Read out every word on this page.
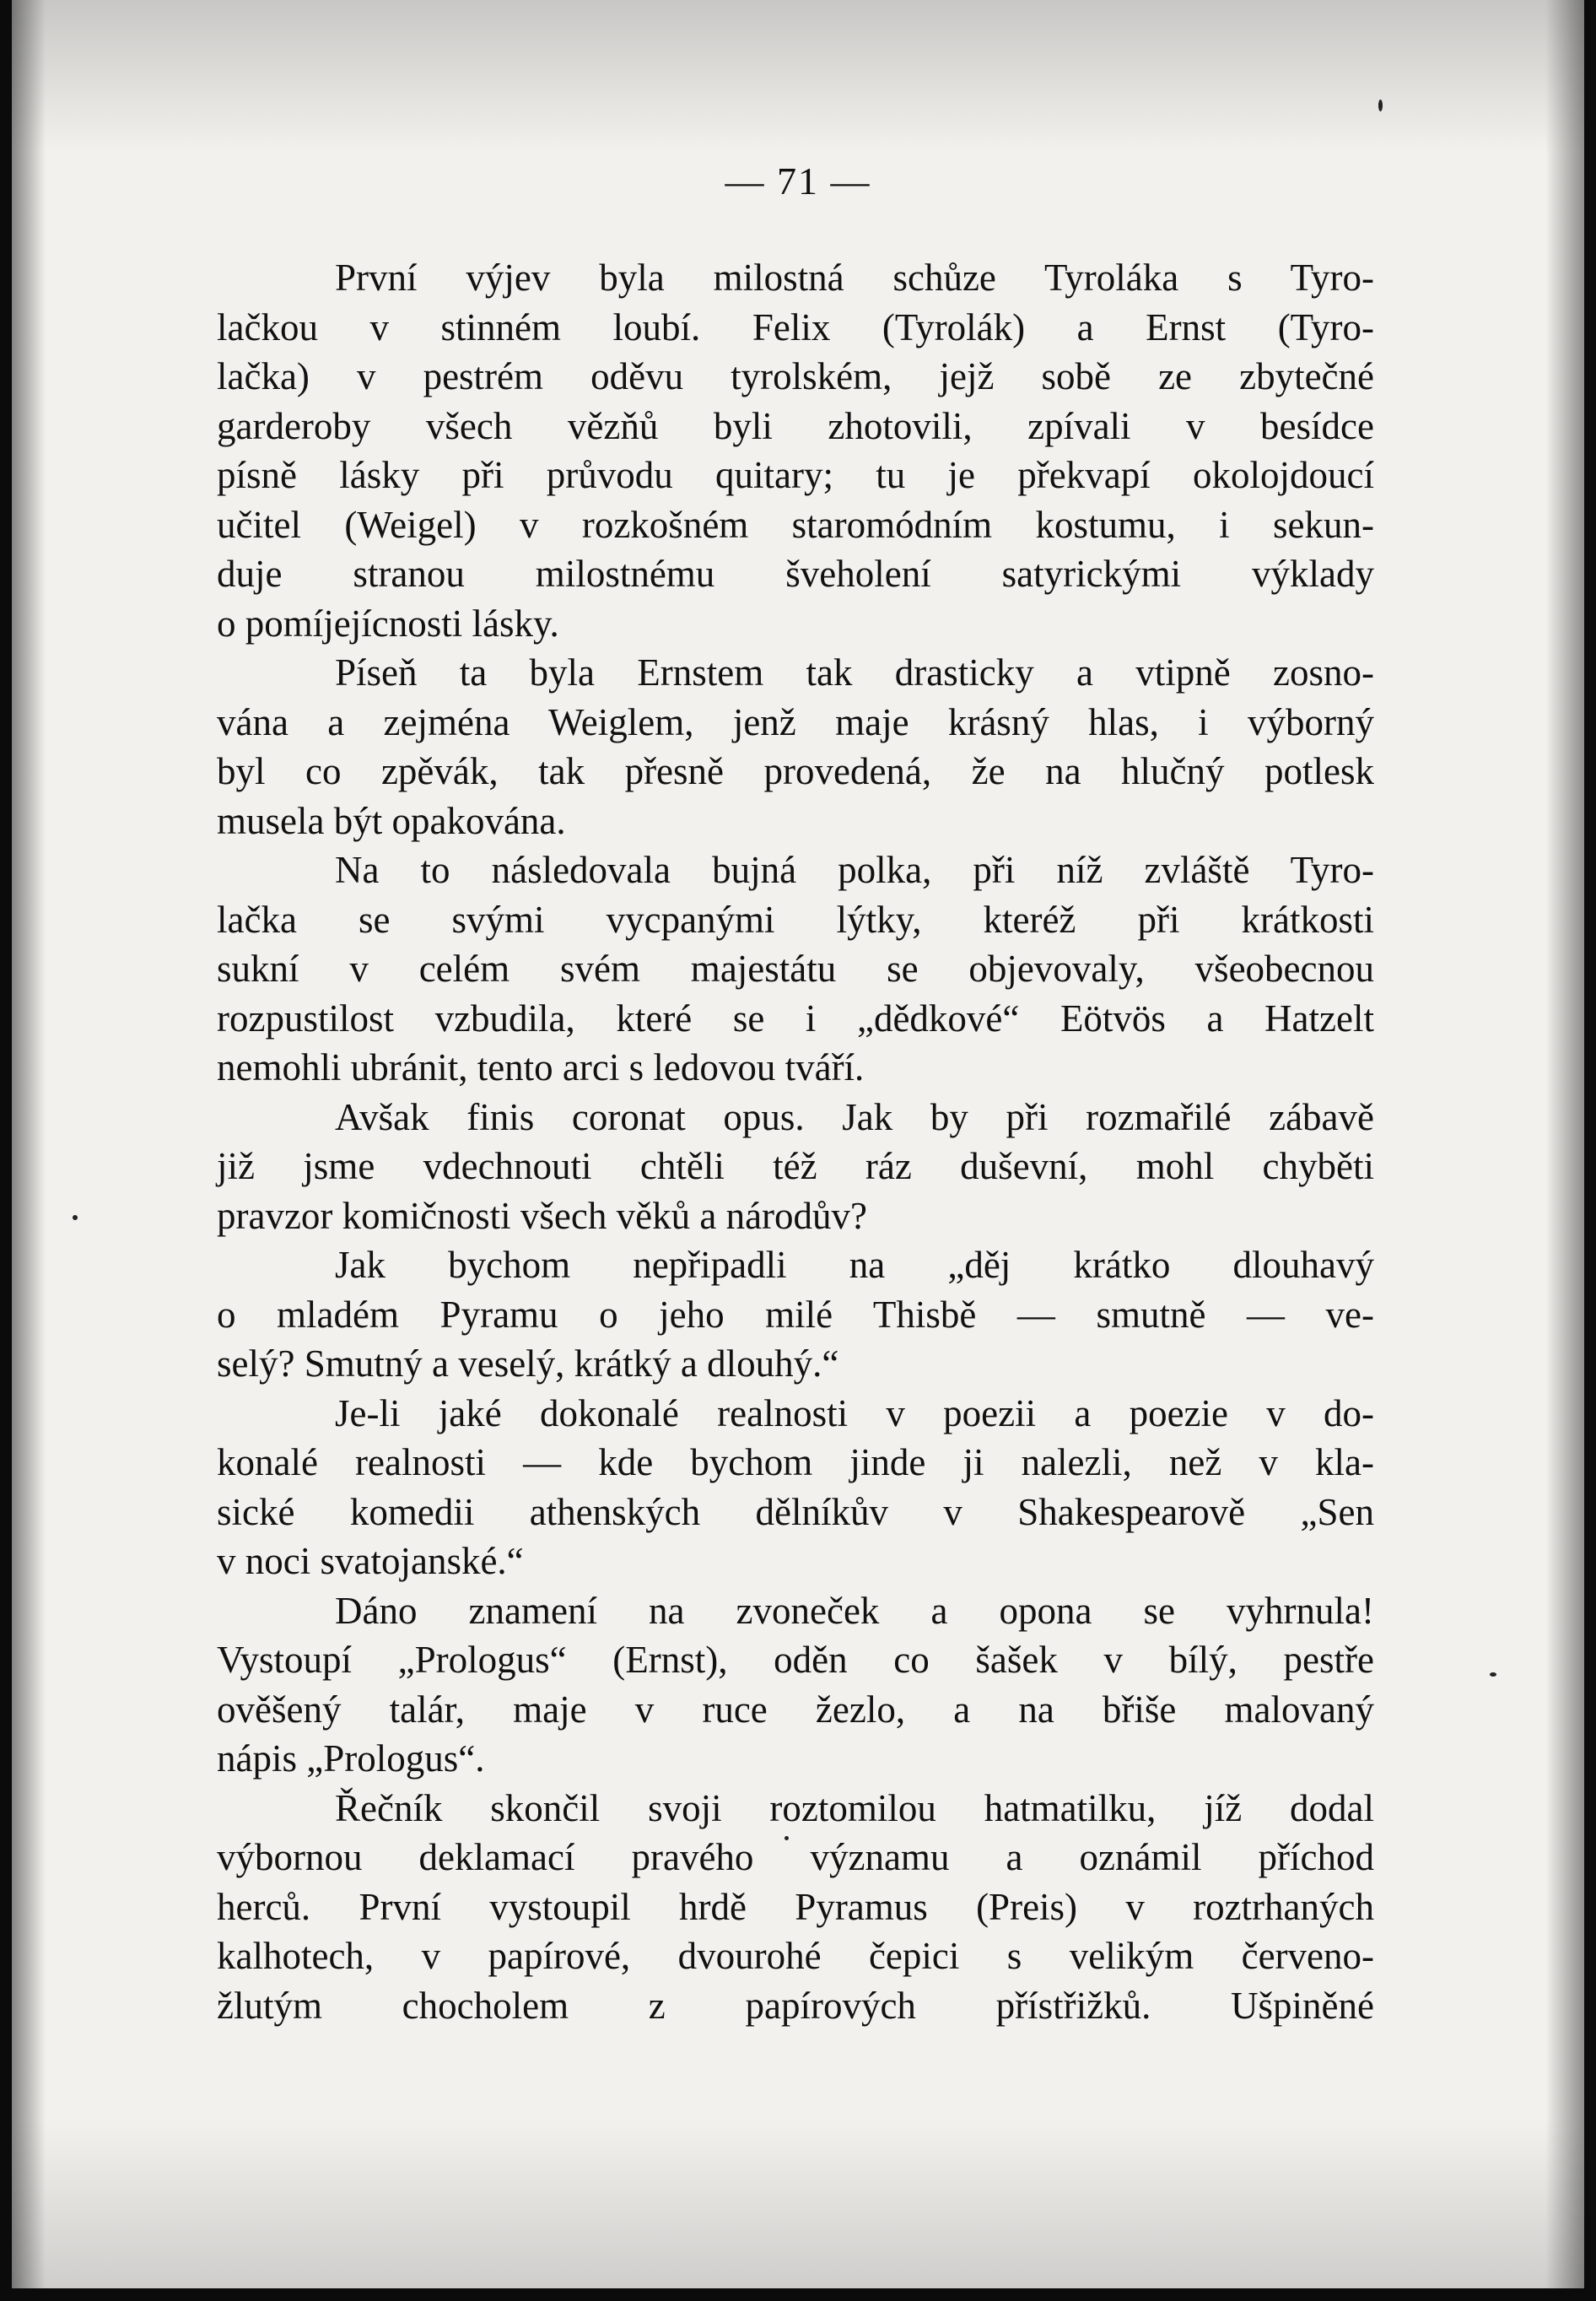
— 71 —
První výjev byla milostná schůze Tyroláka s Tyro-
lačkou v stinném loubí. Felix (Tyrolák) a Ernst (Tyro-
lačka) v pestrém oděvu tyrolském, jejž sobě ze zbytečné
garderoby všech vězňů byli zhotovili, zpívali v besídce
písně lásky při průvodu quitary; tu je překvapí okolojdoucí
učitel (Weigel) v rozkošném staromódním kostumu, i sekun-
duje stranou milostnému šveholení satyrickými výklady
o pomíjejícnosti lásky.
Píseň ta byla Ernstem tak drasticky a vtipně zosno-
vána a zejména Weiglem, jenž maje krásný hlas, i výborný
byl co zpěvák, tak přesně provedená, že na hlučný potlesk
musela být opakována.
Na to následovala bujná polka, při níž zvláště Tyro-
lačka se svými vycpanými lýtky, kteréž při krátkosti
sukní v celém svém majestátu se objevovaly, všeobecnou
rozpustilost vzbudila, které se i „dědkové“ Eötvös a Hatzelt
nemohli ubránit, tento arci s ledovou tváří.
Avšak finis coronat opus. Jak by při rozmařilé zábavě
již jsme vdechnouti chtěli též ráz duševní, mohl chyběti
pravzor komičnosti všech věků a národův?
Jak bychom nepřipadli na „děj krátko dlouhavý
o mladém Pyramu o jeho milé Thisbě — smutně — ve-
selý? Smutný a veselý, krátký a dlouhý.“
Je-li jaké dokonalé realnosti v poezii a poezie v do-
konalé realnosti — kde bychom jinde ji nalezli, než v kla-
sické komedii athenských dělníkův v Shakespearově „Sen
v noci svatojanské.“
Dáno znamení na zvoneček a opona se vyhrnula!
Vystoupí „Prologus“ (Ernst), oděn co šašek v bílý, pestře
ověšený talár, maje v ruce žezlo, a na břiše malovaný
nápis „Prologus“.
Řečník skončil svoji roztomilou hatmatilku, jíž dodal
výbornou deklamací pravého významu a oznámil příchod
herců. První vystoupil hrdě Pyramus (Preis) v roztrhaných
kalhotech, v papírové, dvourohé čepici s velikým červeno-
žlutým chocholem z papírových přístřižků. Ušpiněné
